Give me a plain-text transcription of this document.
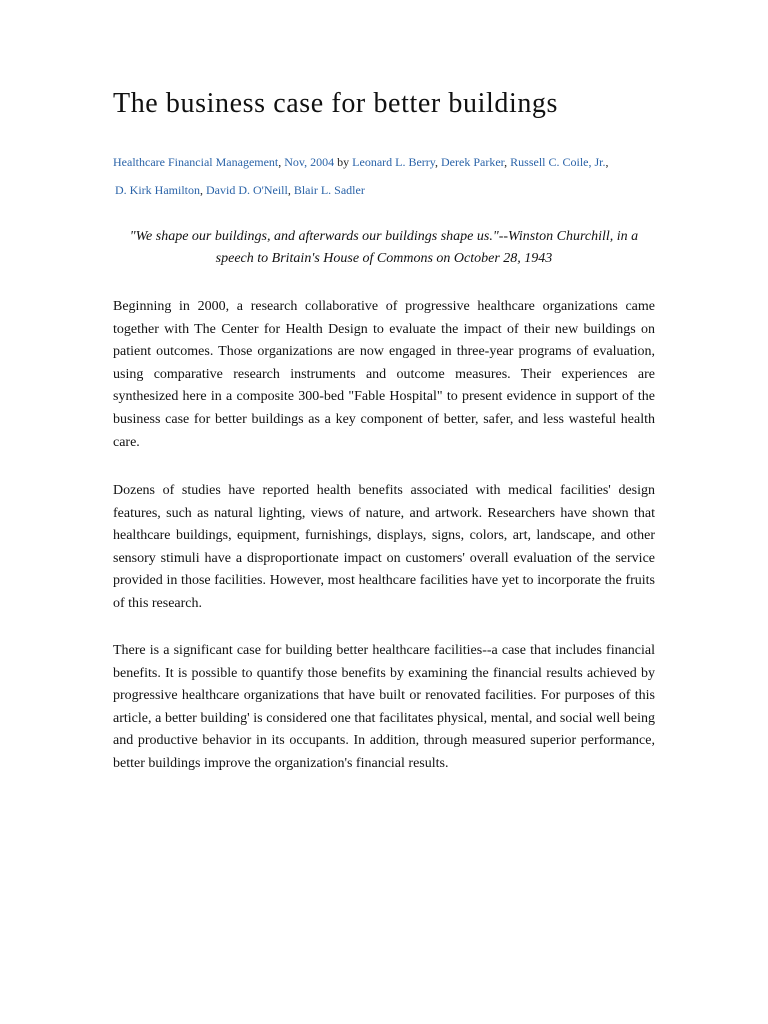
The business case for better buildings
Healthcare Financial Management, Nov, 2004 by Leonard L. Berry, Derek Parker, Russell C. Coile, Jr.,
D. Kirk Hamilton, David D. O'Neill, Blair L. Sadler

"We shape our buildings, and afterwards our buildings shape us."--Winston Churchill, in a speech to Britain's House of Commons on October 28, 1943

Beginning in 2000, a research collaborative of progressive healthcare organizations came together with The Center for Health Design to evaluate the impact of their new buildings on patient outcomes. Those organizations are now engaged in three-year programs of evaluation, using comparative research instruments and outcome measures. Their experiences are synthesized here in a composite 300-bed "Fable Hospital" to present evidence in support of the business case for better buildings as a key component of better, safer, and less wasteful health care.

Dozens of studies have reported health benefits associated with medical facilities' design features, such as natural lighting, views of nature, and artwork. Researchers have shown that healthcare buildings, equipment, furnishings, displays, signs, colors, art, landscape, and other sensory stimuli have a disproportionate impact on customers' overall evaluation of the service provided in those facilities. However, most healthcare facilities have yet to incorporate the fruits of this research.

There is a significant case for building better healthcare facilities--a case that includes financial benefits. It is possible to quantify those benefits by examining the financial results achieved by progressive healthcare organizations that have built or renovated facilities. For purposes of this article, a better building' is considered one that facilitates physical, mental, and social well being and productive behavior in its occupants. In addition, through measured superior performance, better buildings improve the organization's financial results.
